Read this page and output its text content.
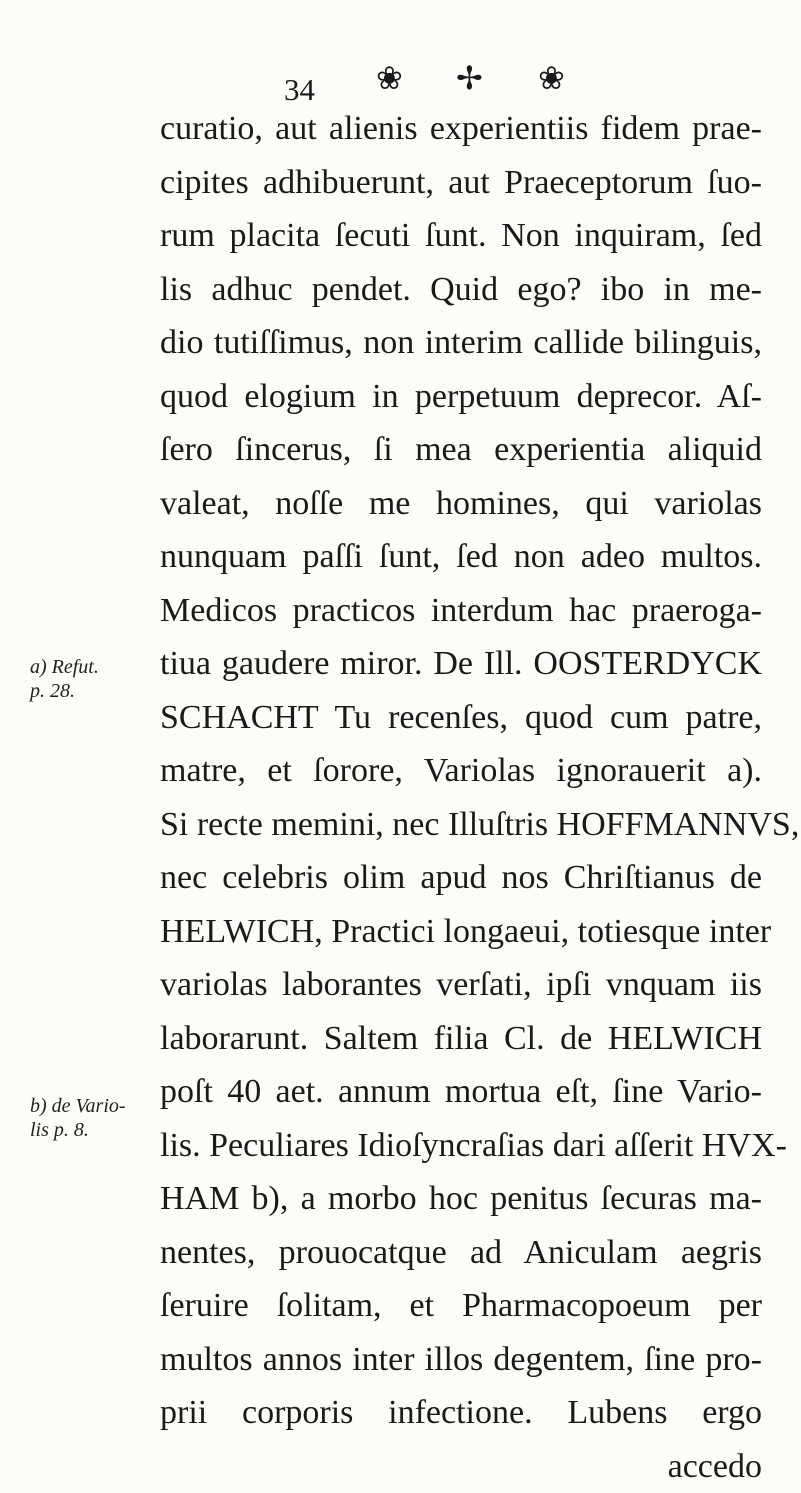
34 ❀ ✢ ❀
a) Refut.
p. 28.
b) de Vario-
lis p. 8.
curatio, aut alienis experientiis fidem prae-
cipites adhibuerunt, aut Praeceptorum ſuo-
rum placita ſecuti ſunt. Non inquiram, ſed
lis adhuc pendet. Quid ego? ibo in me-
dio tutiſſimus, non interim callide bilinguis,
quod elogium in perpetuum deprecor. Aſ-
ſero ſincerus, ſi mea experientia aliquid
valeat, noſſe me homines, qui variolas
nunquam paſſi ſunt, ſed non adeo multos.
Medicos practicos interdum hac praeroga-
tiua gaudere miror. De Ill. OOSTERDYCK
SCHACHT Tu recenſes, quod cum patre,
matre, et ſorore, Variolas ignorauerit a).
Si recte memini, nec Illuſtris HOFFMANNVS,
nec celebris olim apud nos Chriſtianus de
HELWICH, Practici longaeui, totiesque inter
variolas laborantes verſati, ipſi vnquam iis
laborarunt. Saltem filia Cl. de HELWICH
poſt 40 aet. annum mortua eſt, ſine Vario-
lis. Peculiares Idioſyncraſias dari aſſerit HVX-
HAM b), a morbo hoc penitus ſecuras ma-
nentes, prouocatque ad Aniculam aegris
ſeruire ſolitam, et Pharmacopoeum per
multos annos inter illos degentem, ſine pro-
prii corporis infectione. Lubens ergo
accedo
